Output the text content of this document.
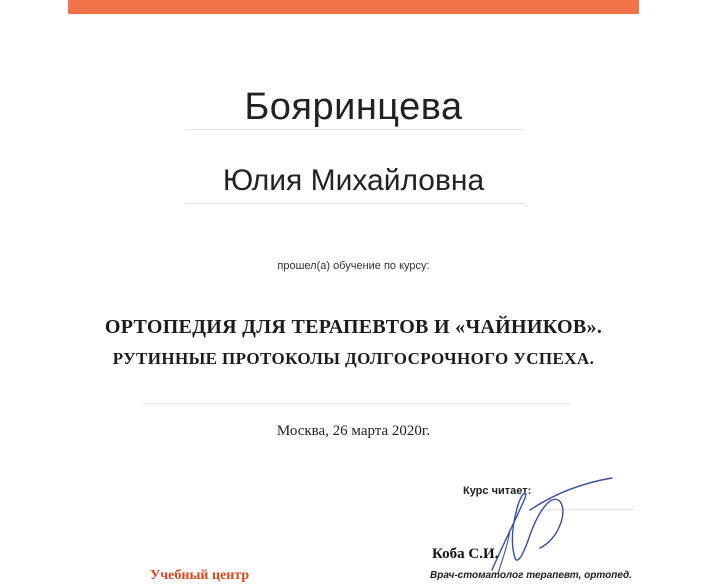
Бояринцева
Юлия Михайловна
прошел(а) обучение по курсу:
ОРТОПЕДИЯ ДЛЯ ТЕРАПЕВТОВ И «ЧАЙНИКОВ».
РУТИННЫЕ ПРОТОКОЛЫ ДОЛГОСРОЧНОГО УСПЕХА.
Москва, 26 марта 2020г.
Курс читает:
Коба С.И.
Врач-стоматолог терапевт, ортопед.
Учебный центр
